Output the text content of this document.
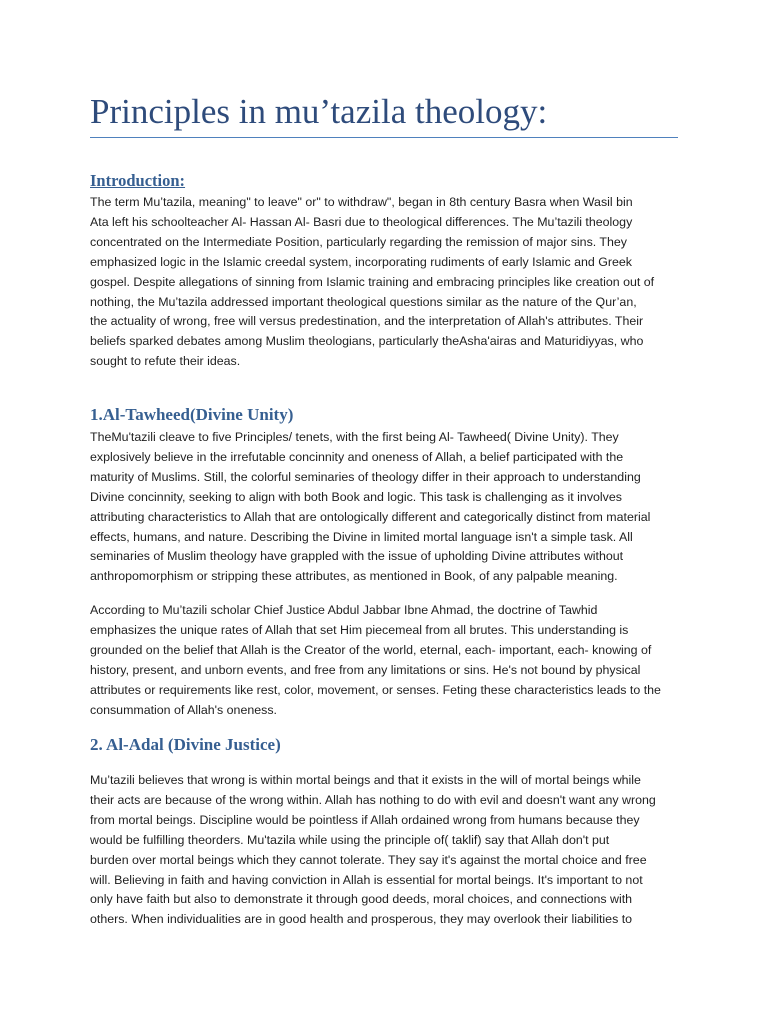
Principles in mu’tazila theology:
Introduction:

The term Mu’tazila, meaning" to leave" or" to withdraw", began in 8th century Basra when Wasil bin
Ata left his schoolteacher Al- Hassan Al- Basri due to theological differences. The Mu’tazili theology
concentrated on the Intermediate Position, particularly regarding the remission of major sins. They
emphasized logic in the Islamic creedal system, incorporating rudiments of early Islamic and Greek
gospel. Despite allegations of sinning from Islamic training and embracing principles like creation out of
nothing, the Mu’tazila addressed important theological questions similar as the nature of the Qur’an,
the actuality of wrong, free will versus predestination, and the interpretation of Allah's attributes. Their
beliefs sparked debates among Muslim theologians, particularly theAsha'airas and Maturidiyyas, who
sought to refute their ideas.

1.Al-Tawheed(Divine Unity)

TheMu'tazili cleave to five Principles/ tenets, with the first being Al- Tawheed( Divine Unity). They
explosively believe in the irrefutable concinnity and oneness of Allah, a belief participated with the
maturity of Muslims. Still, the colorful seminaries of theology differ in their approach to understanding
Divine concinnity, seeking to align with both Book and logic. This task is challenging as it involves
attributing characteristics to Allah that are ontologically different and categorically distinct from material
effects, humans, and nature. Describing the Divine in limited mortal language isn't a simple task. All
seminaries of Muslim theology have grappled with the issue of upholding Divine attributes without
anthropomorphism or stripping these attributes, as mentioned in Book, of any palpable meaning.

According to Mu’tazili scholar Chief Justice Abdul Jabbar Ibne Ahmad, the doctrine of Tawhid
emphasizes the unique rates of Allah that set Him piecemeal from all brutes. This understanding is
grounded on the belief that Allah is the Creator of the world, eternal, each- important, each- knowing of
history, present, and unborn events, and free from any limitations or sins. He's not bound by physical
attributes or requirements like rest, color, movement, or senses. Feting these characteristics leads to the
consummation of Allah's oneness.

2. Al-Adal (Divine Justice)

Mu’tazili believes that wrong is within mortal beings and that it exists in the will of mortal beings while
their acts are because of the wrong within. Allah has nothing to do with evil and doesn't want any wrong
from mortal beings. Discipline would be pointless if Allah ordained wrong from humans because they
would be fulfilling theorders. Mu'tazila while using the principle of( taklif) say that Allah don't put
burden over mortal beings which they cannot tolerate. They say it's against the mortal choice and free
will. Believing in faith and having conviction in Allah is essential for mortal beings. It's important to not
only have faith but also to demonstrate it through good deeds, moral choices, and connections with
others. When individualities are in good health and prosperous, they may overlook their liabilities to
